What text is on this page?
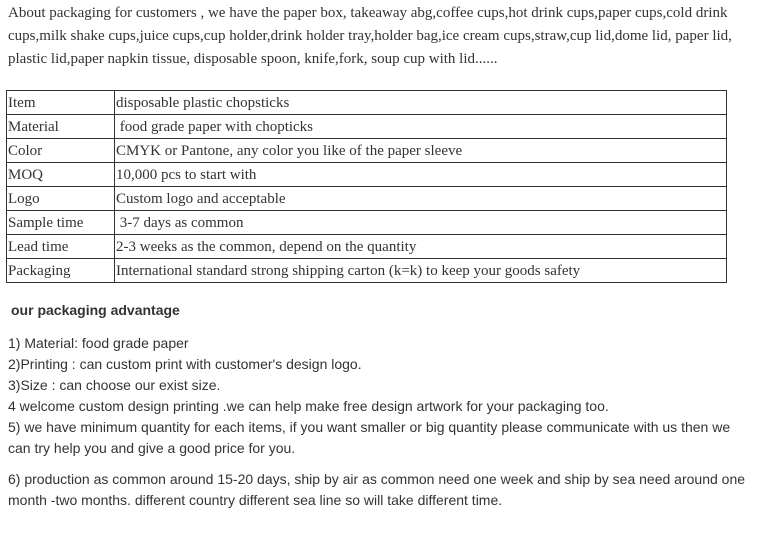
About packaging for customers , we have the paper box, takeaway abg,coffee cups,hot drink cups,paper cups,cold drink cups,milk shake cups,juice cups,cup holder,drink holder tray,holder bag,ice cream cups,straw,cup lid,dome lid, paper lid, plastic lid,paper napkin tissue, disposable spoon, knife,fork, soup cup with lid......

Item	disposable plastic chopsticks
Material	food grade paper with chopticks
Color	CMYK or Pantone, any color you like of the paper sleeve
MOQ	10,000 pcs to start with
Logo	Custom logo and acceptable
Sample time	3-7 days as common
Lead time	2-3 weeks as the common, depend on the quantity
Packaging	International standard strong shipping carton (k=k) to keep your goods safety

our packaging advantage

1) Material: food grade paper

2)Printing : can custom print with customer's design logo.

3)Size : can choose our exist size.

4 welcome custom design printing .we can help make free design artwork for your packaging too.

5) we have minimum quantity for each items, if you want smaller or big quantity please communicate with us then we can try help you and give a good price for you.

6) production as common around 15-20 days, ship by air as common need one week and ship by sea need around one month -two months. different country different sea line so will take different time.
